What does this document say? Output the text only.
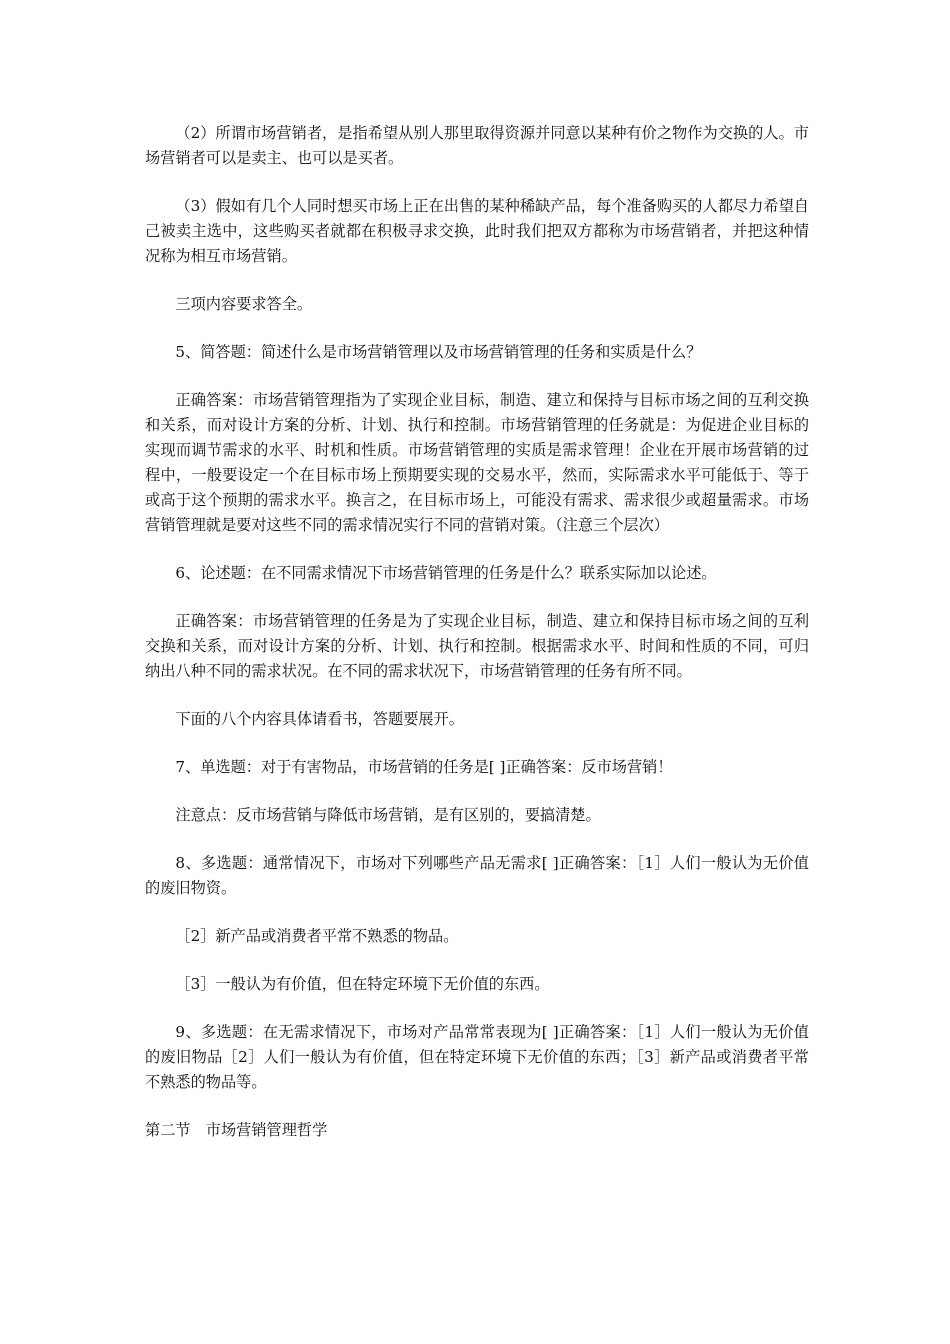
（2）所谓市场营销者，是指希望从别人那里取得资源并同意以某种有价之物作为交换的人。市场营销者可以是卖主、也可以是买者。

（3）假如有几个人同时想买市场上正在出售的某种稀缺产品，每个准备购买的人都尽力希望自己被卖主选中，这些购买者就都在积极寻求交换，此时我们把双方都称为市场营销者，并把这种情况称为相互市场营销。

三项内容要求答全。

5、简答题：简述什么是市场营销管理以及市场营销管理的任务和实质是什么？

正确答案：市场营销管理指为了实现企业目标，制造、建立和保持与目标市场之间的互利交换和关系，而对设计方案的分析、计划、执行和控制。市场营销管理的任务就是：为促进企业目标的实现而调节需求的水平、时机和性质。市场营销管理的实质是需求管理！企业在开展市场营销的过程中，一般要设定一个在目标市场上预期要实现的交易水平，然而，实际需求水平可能低于、等于或高于这个预期的需求水平。换言之，在目标市场上，可能没有需求、需求很少或超量需求。市场营销管理就是要对这些不同的需求情况实行不同的营销对策。（注意三个层次）

6、论述题：在不同需求情况下市场营销管理的任务是什么？联系实际加以论述。

正确答案：市场营销管理的任务是为了实现企业目标，制造、建立和保持目标市场之间的互利交换和关系，而对设计方案的分析、计划、执行和控制。根据需求水平、时间和性质的不同，可归纳出八种不同的需求状况。在不同的需求状况下，市场营销管理的任务有所不同。

下面的八个内容具体请看书，答题要展开。

7、单选题：对于有害物品，市场营销的任务是[ ]正确答案：反市场营销！

注意点：反市场营销与降低市场营销，是有区别的，要搞清楚。

8、多选题：通常情况下，市场对下列哪些产品无需求[ ]正确答案：［1］人们一般认为无价值的废旧物资。

［2］新产品或消费者平常不熟悉的物品。

［3］一般认为有价值，但在特定环境下无价值的东西。

9、多选题：在无需求情况下，市场对产品常常表现为[ ]正确答案：［1］人们一般认为无价值的废旧物品［2］人们一般认为有价值，但在特定环境下无价值的东西；［3］新产品或消费者平常不熟悉的物品等。

第二节　市场营销管理哲学
